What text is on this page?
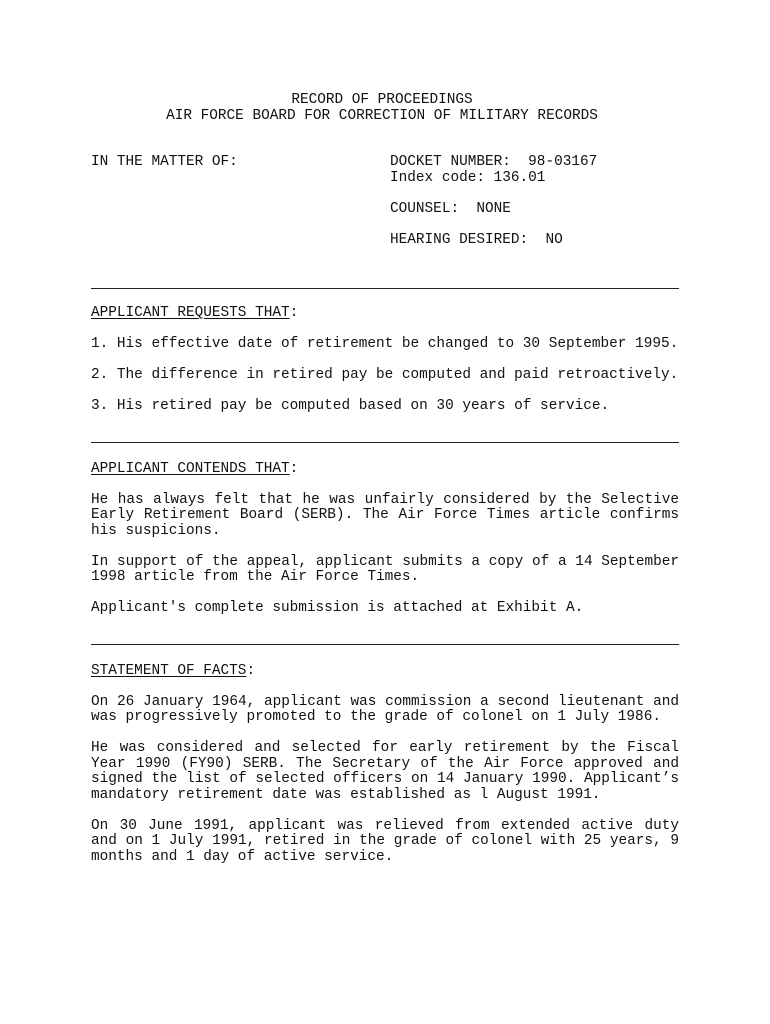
RECORD OF PROCEEDINGS
AIR FORCE BOARD FOR CORRECTION OF MILITARY RECORDS
IN THE MATTER OF:	DOCKET NUMBER:  98-03167
Index code: 136.01
COUNSEL:  NONE
HEARING DESIRED:  NO
APPLICANT REQUESTS THAT:

1. His effective date of retirement be changed to 30 September 1995.

2. The difference in retired pay be computed and paid retroactively.

3. His retired pay be computed based on 30 years of service.

APPLICANT CONTENDS THAT:

He has always felt that he was unfairly considered by the Selective Early Retirement Board (SERB). The Air Force Times article confirms his suspicions.

In support of the appeal, applicant submits a copy of a 14 September 1998 article from the Air Force Times.

Applicant's complete submission is attached at Exhibit A.

STATEMENT OF FACTS:

On 26 January 1964, applicant was commission a second lieutenant and was progressively promoted to the grade of colonel on 1 July 1986.

He was considered and selected for early retirement by the Fiscal Year 1990 (FY90) SERB. The Secretary of the Air Force approved and signed the list of selected officers on 14 January 1990. Applicant’s mandatory retirement date was established as l August 1991.

On 30 June 1991, applicant was relieved from extended active duty and on 1 July 1991, retired in the grade of colonel with 25 years, 9 months and 1 day of active service.
